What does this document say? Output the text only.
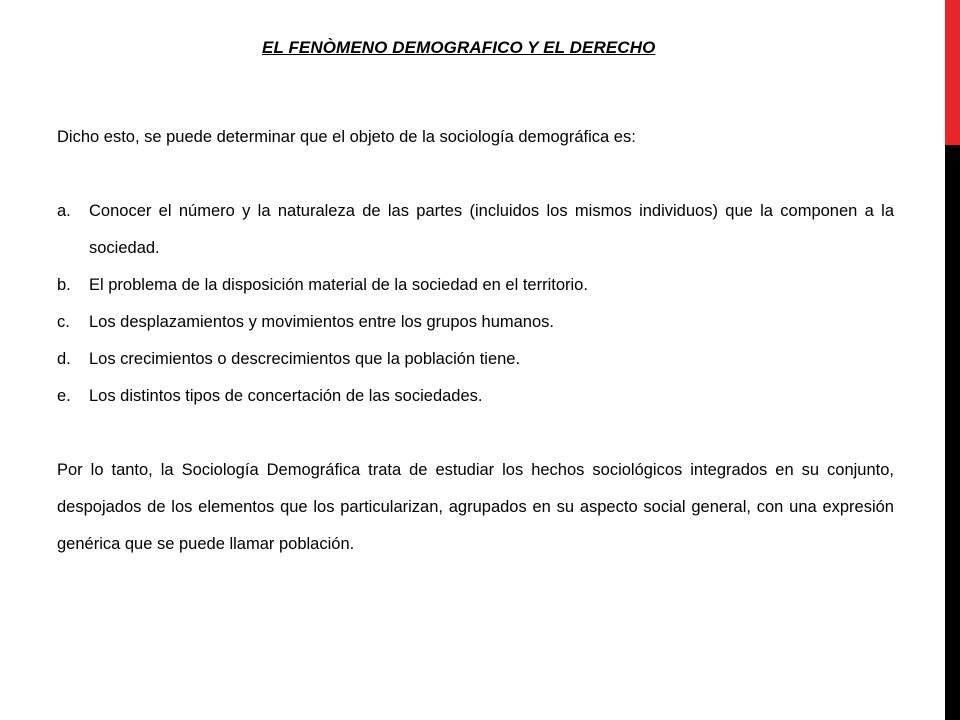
EL FENÒMENO DEMOGRAFICO Y EL DERECHO

Dicho esto, se puede determinar que el objeto de la sociología demográfica es:

a. Conocer el número y la naturaleza de las partes (incluidos los mismos individuos) que la componen a la sociedad.
b. El problema de la disposición material de la sociedad en el territorio.
c. Los desplazamientos y movimientos entre los grupos humanos.
d. Los crecimientos o descrecimientos que la población tiene.
e. Los distintos tipos de concertación de las sociedades.

Por lo tanto, la Sociología Demográfica trata de estudiar los hechos sociológicos integrados en su conjunto, despojados de los elementos que los particularizan, agrupados en su aspecto social general, con una expresión genérica que se puede llamar población.
